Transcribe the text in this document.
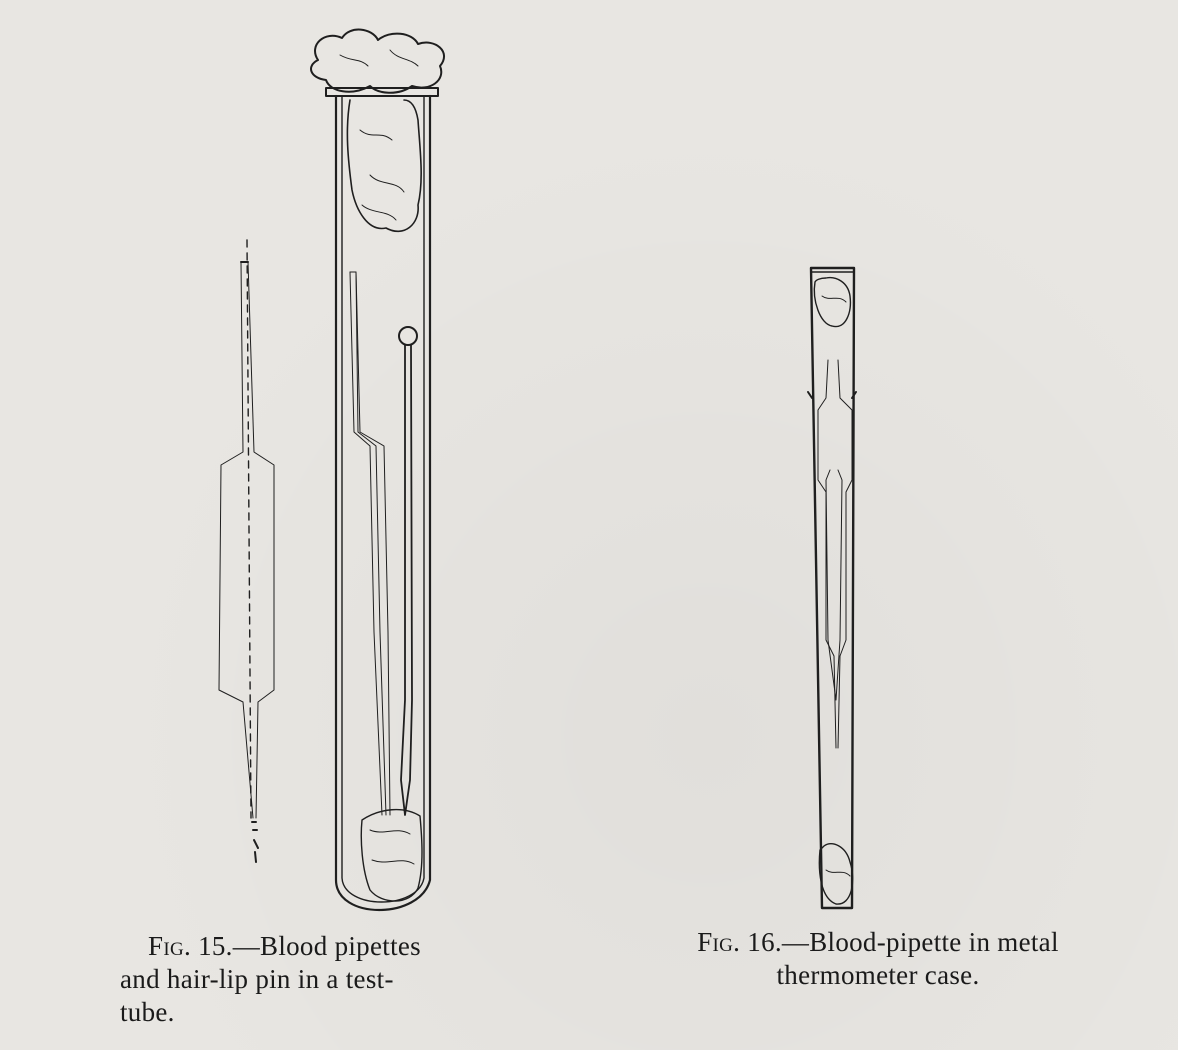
Fig. 15.—Blood pipettes
and hair-lip pin in a test-
tube.
Fig. 16.—Blood-pipette in metal
thermometer case.
